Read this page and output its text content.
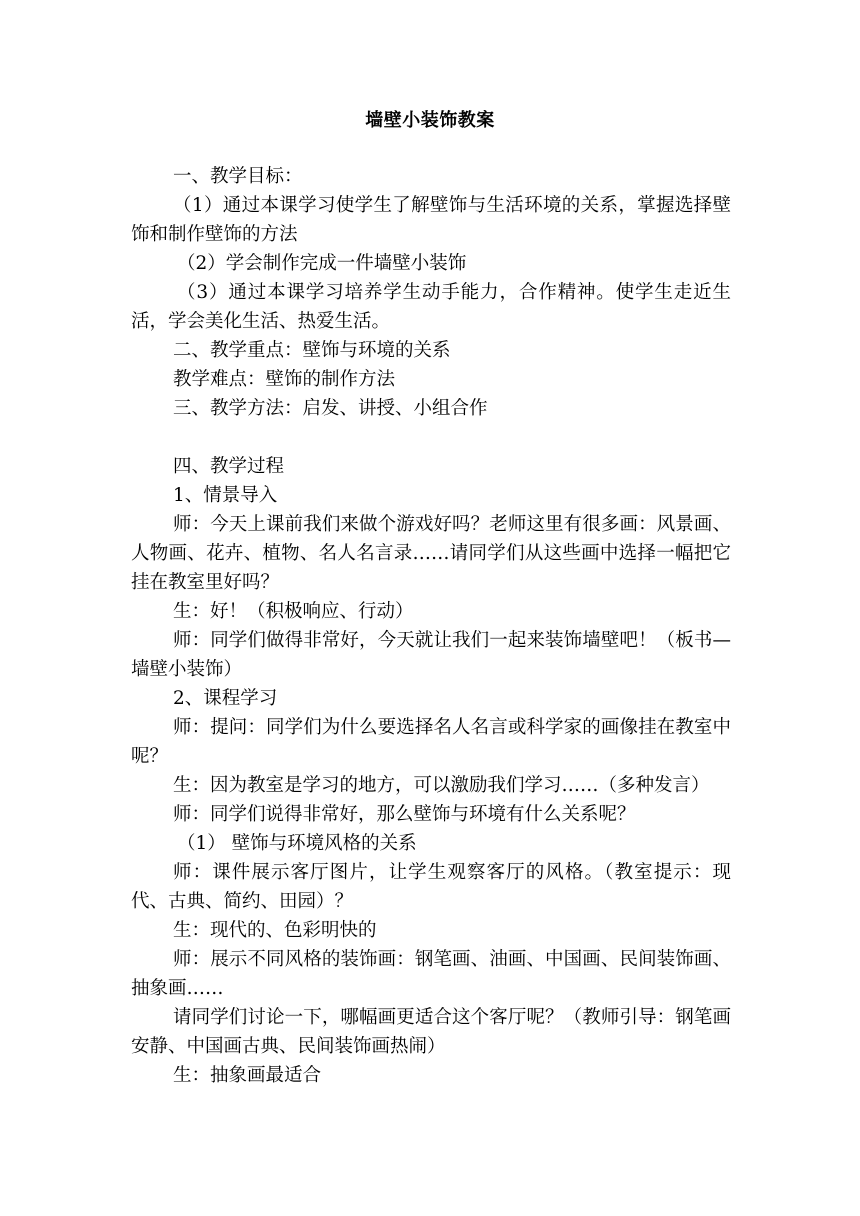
墙壁小装饰教案

一、教学目标：

（1）通过本课学习使学生了解壁饰与生活环境的关系，掌握选择壁饰和制作壁饰的方法

（2）学会制作完成一件墙壁小装饰

（3）通过本课学习培养学生动手能力，合作精神。使学生走近生活，学会美化生活、热爱生活。

二、教学重点：壁饰与环境的关系

教学难点：壁饰的制作方法

三、教学方法：启发、讲授、小组合作

四、教学过程

1、情景导入

师：今天上课前我们来做个游戏好吗？老师这里有很多画：风景画、人物画、花卉、植物、名人名言录……请同学们从这些画中选择一幅把它挂在教室里好吗？

生：好！（积极响应、行动）

师：同学们做得非常好，今天就让我们一起来装饰墙壁吧！（板书—墙壁小装饰）

2、课程学习

师：提问：同学们为什么要选择名人名言或科学家的画像挂在教室中呢？

生：因为教室是学习的地方，可以激励我们学习……（多种发言）

师：同学们说得非常好，那么壁饰与环境有什么关系呢？

（1） 壁饰与环境风格的关系

师：课件展示客厅图片，让学生观察客厅的风格。（教室提示：现代、古典、简约、田园）？

生：现代的、色彩明快的

师：展示不同风格的装饰画：钢笔画、油画、中国画、民间装饰画、抽象画……

请同学们讨论一下，哪幅画更适合这个客厅呢？（教师引导：钢笔画安静、中国画古典、民间装饰画热闹）

生：抽象画最适合
